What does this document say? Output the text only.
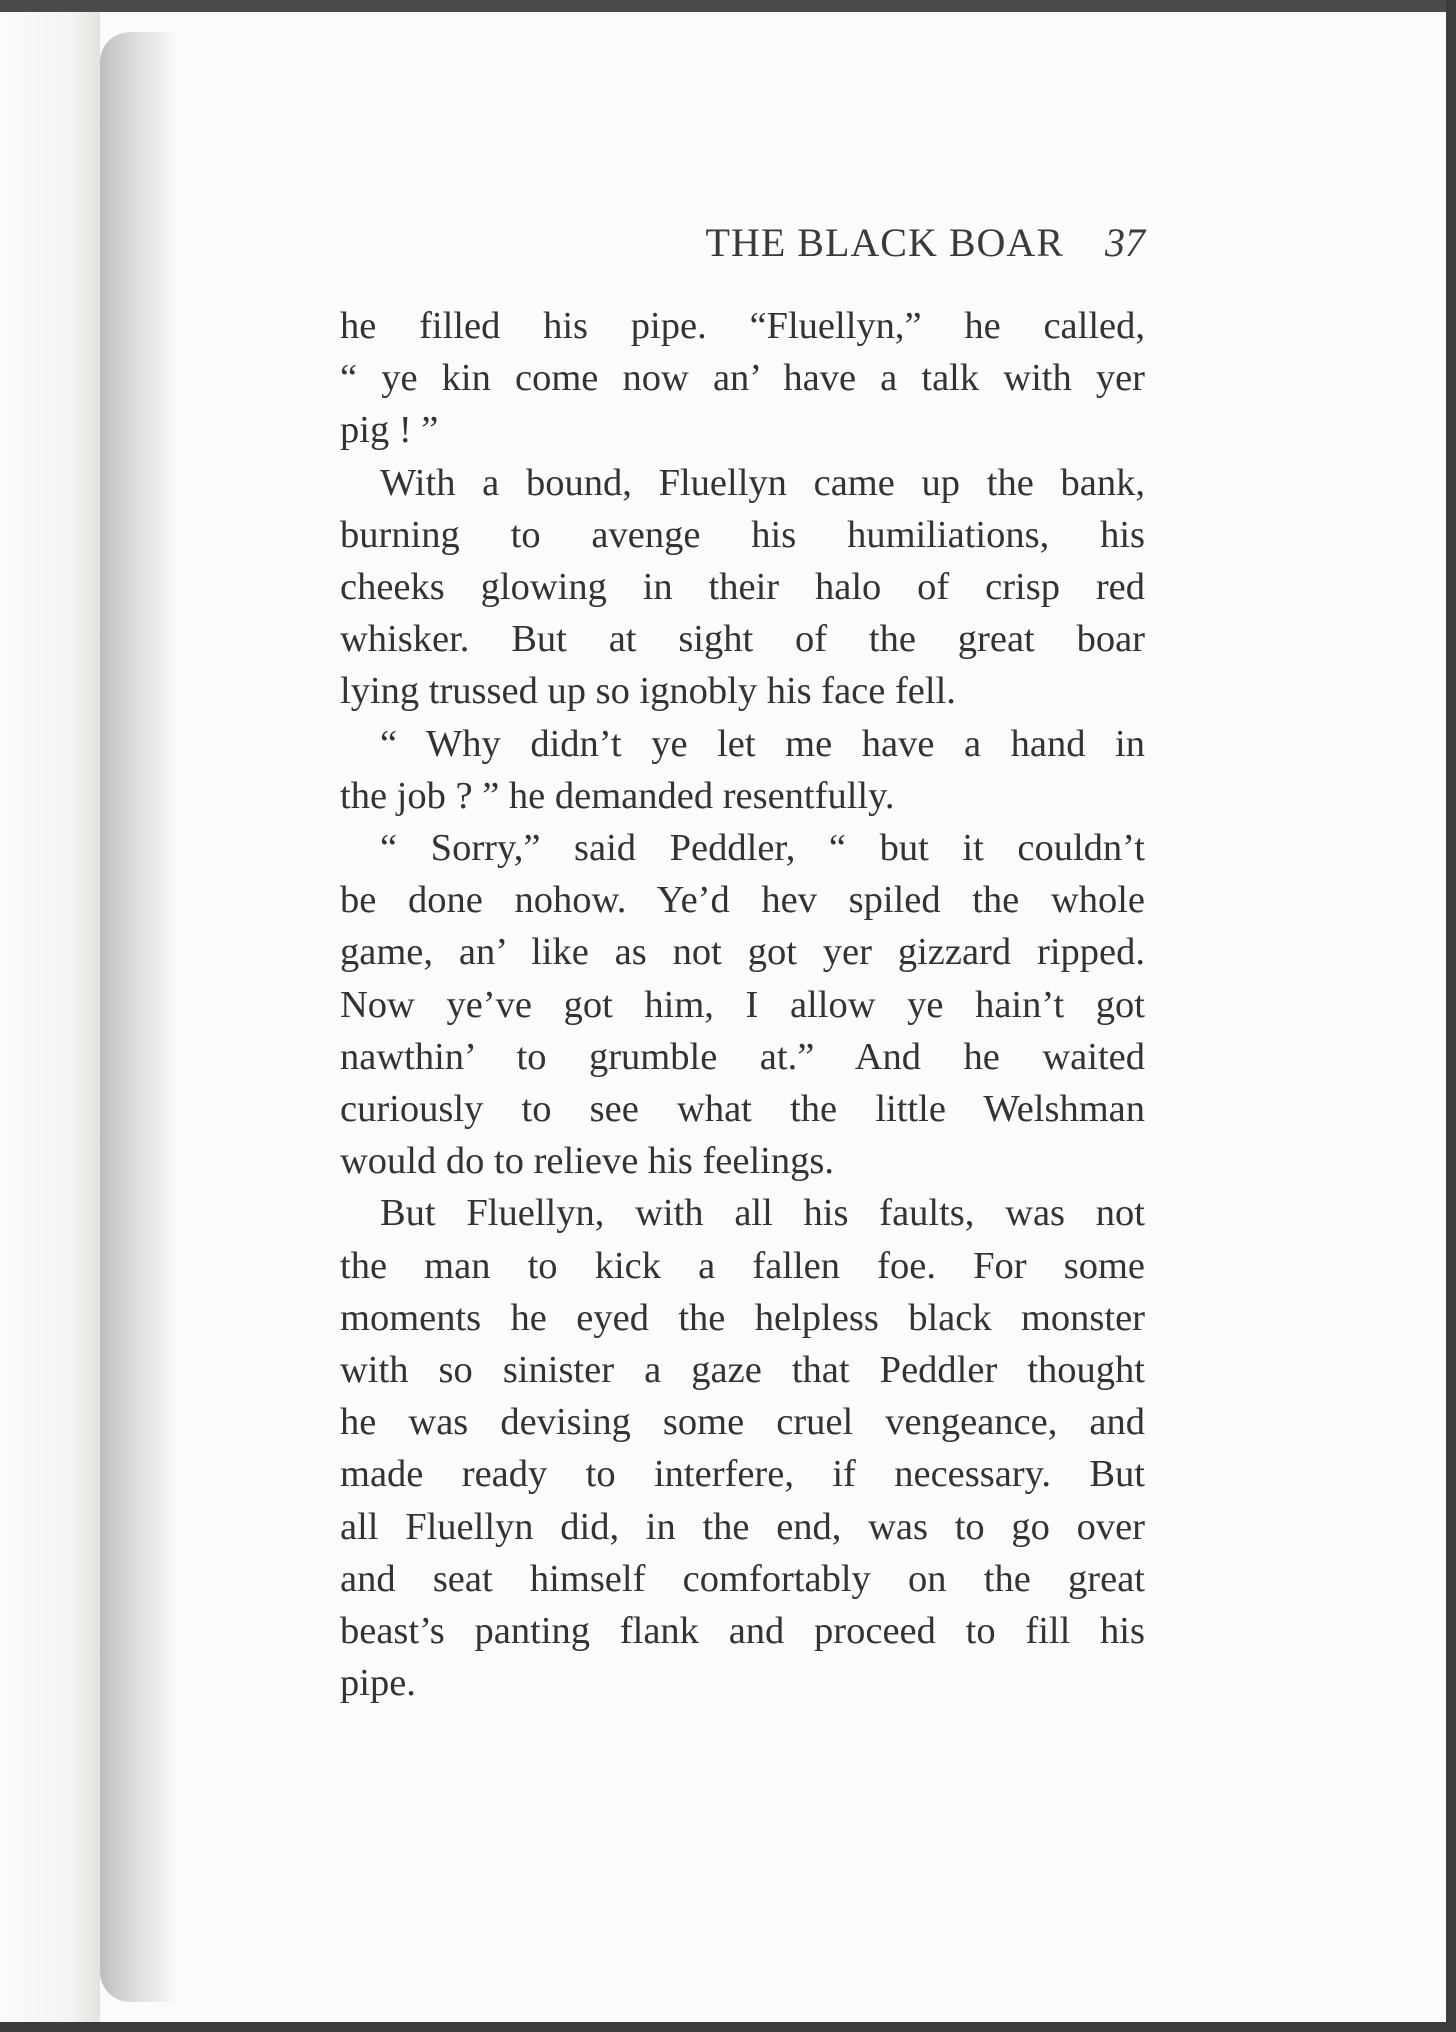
THE BLACK BOAR 37
he filled his pipe. “Fluellyn,” he called,
“ ye kin come now an’ have a talk with yer
pig ! ”
With a bound, Fluellyn came up the bank,
burning to avenge his humiliations, his
cheeks glowing in their halo of crisp red
whisker. But at sight of the great boar
lying trussed up so ignobly his face fell.
“ Why didn’t ye let me have a hand in
the job ? ” he demanded resentfully.
“ Sorry,” said Peddler, “ but it couldn’t
be done nohow. Ye’d hev spiled the whole
game, an’ like as not got yer gizzard ripped.
Now ye’ve got him, I allow ye hain’t got
nawthin’ to grumble at.” And he waited
curiously to see what the little Welshman
would do to relieve his feelings.
But Fluellyn, with all his faults, was not
the man to kick a fallen foe. For some
moments he eyed the helpless black monster
with so sinister a gaze that Peddler thought
he was devising some cruel vengeance, and
made ready to interfere, if necessary. But
all Fluellyn did, in the end, was to go over
and seat himself comfortably on the great
beast’s panting flank and proceed to fill his
pipe.
